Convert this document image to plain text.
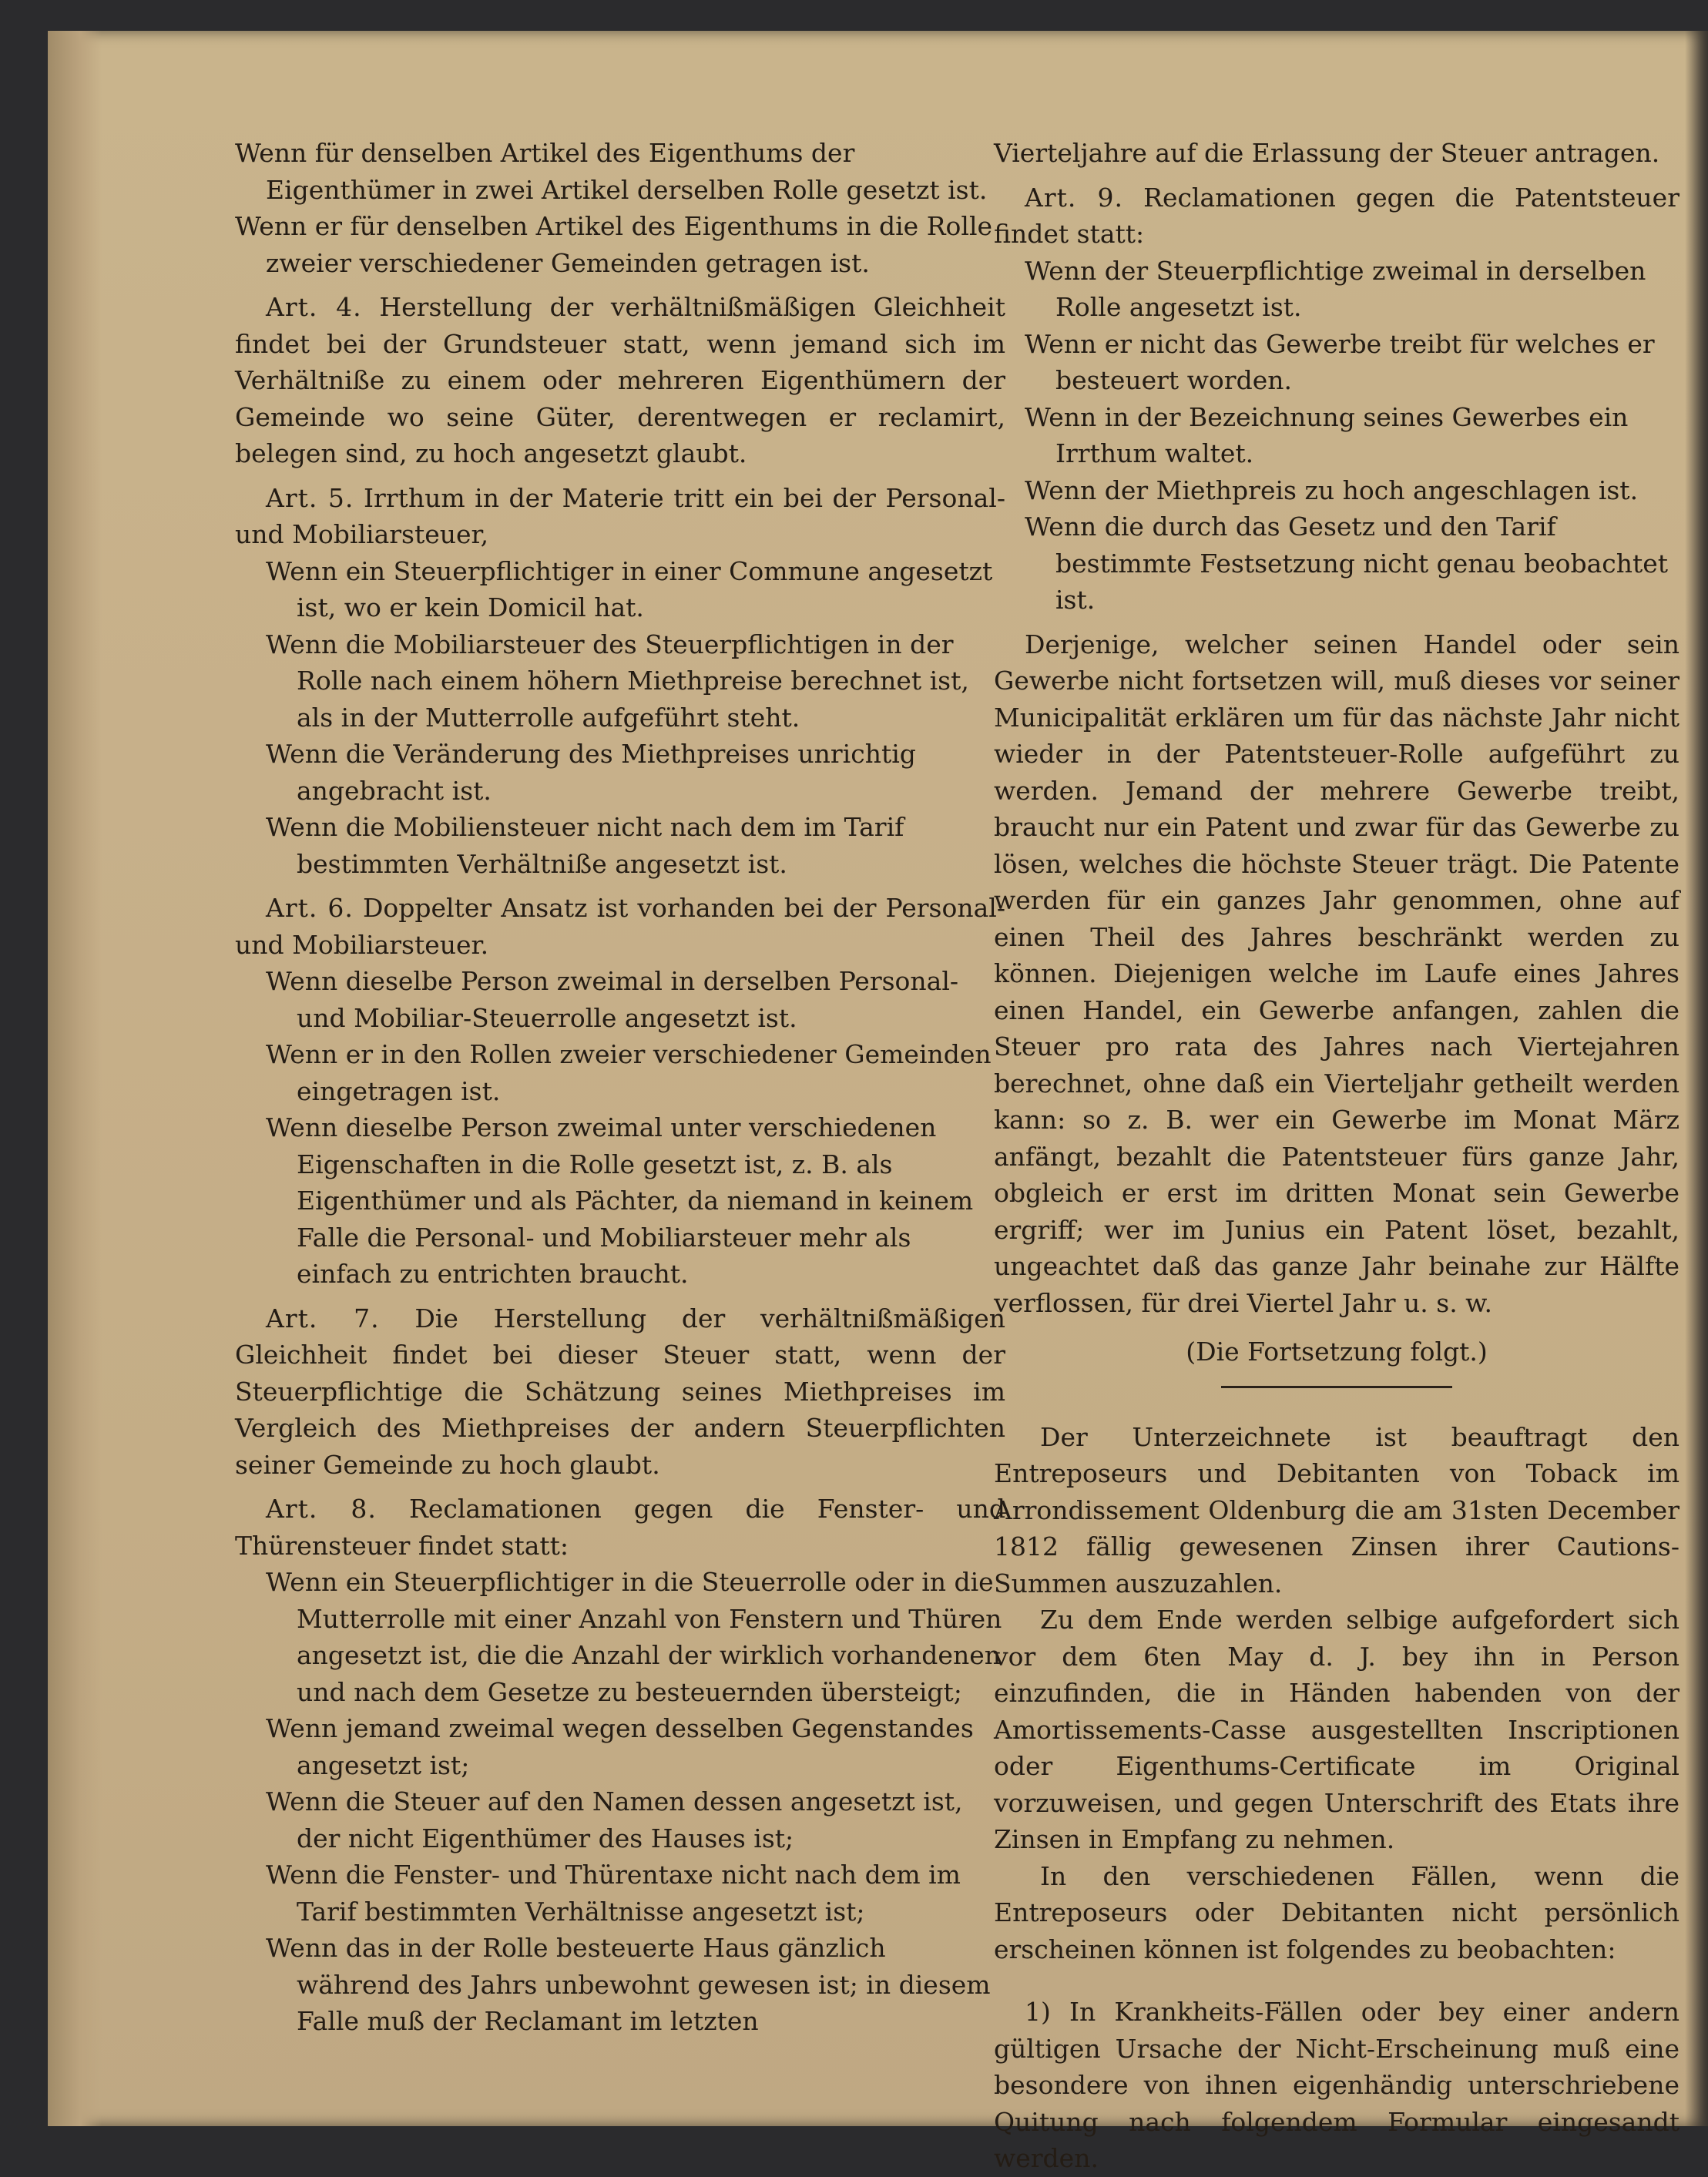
Wenn für denselben Artikel des Eigenthums der Eigenthümer in zwei Artikel derselben Rolle gesetzt ist.

Wenn er für denselben Artikel des Eigenthums in die Rolle zweier verschiedener Gemeinden getragen ist.

Art. 4. Herstellung der verhältnißmäßigen Gleichheit findet bei der Grundsteuer statt, wenn jemand sich im Verhältniße zu einem oder mehreren Eigenthümern der Gemeinde wo seine Güter, derentwegen er reclamirt, belegen sind, zu hoch angesetzt glaubt.

Art. 5. Irrthum in der Materie tritt ein bei der Personal- und Mobiliarsteuer,

Wenn ein Steuerpflichtiger in einer Commune angesetzt ist, wo er kein Domicil hat.

Wenn die Mobiliarsteuer des Steuerpflichtigen in der Rolle nach einem höhern Miethpreise berechnet ist, als in der Mutterrolle aufgeführt steht.

Wenn die Veränderung des Miethpreises unrichtig angebracht ist.

Wenn die Mobiliensteuer nicht nach dem im Tarif bestimmten Verhältniße angesetzt ist.

Art. 6. Doppelter Ansatz ist vorhanden bei der Personal- und Mobiliarsteuer.

Wenn dieselbe Person zweimal in derselben Personal- und Mobiliar-Steuerrolle angesetzt ist.

Wenn er in den Rollen zweier verschiedener Gemeinden eingetragen ist.

Wenn dieselbe Person zweimal unter verschiedenen Eigenschaften in die Rolle gesetzt ist, z. B. als Eigenthümer und als Pächter, da niemand in keinem Falle die Personal- und Mobiliarsteuer mehr als einfach zu entrichten braucht.

Art. 7. Die Herstellung der verhältnißmäßigen Gleichheit findet bei dieser Steuer statt, wenn der Steuerpflichtige die Schätzung seines Miethpreises im Vergleich des Miethpreises der andern Steuerpflichten seiner Gemeinde zu hoch glaubt.

Art. 8. Reclamationen gegen die Fenster- und Thürensteuer findet statt:

Wenn ein Steuerpflichtiger in die Steuerrolle oder in die Mutterrolle mit einer Anzahl von Fenstern und Thüren angesetzt ist, die die Anzahl der wirklich vorhandenen und nach dem Gesetze zu besteuernden übersteigt;

Wenn jemand zweimal wegen desselben Gegenstandes angesetzt ist;

Wenn die Steuer auf den Namen dessen angesetzt ist, der nicht Eigenthümer des Hauses ist;

Wenn die Fenster- und Thürentaxe nicht nach dem im Tarif bestimmten Verhältnisse angesetzt ist;

Wenn das in der Rolle besteuerte Haus gänzlich während des Jahrs unbewohnt gewesen ist; in diesem Falle muß der Reclamant im letzten

Vierteljahre auf die Erlassung der Steuer antragen.

Art. 9. Reclamationen gegen die Patentsteuer findet statt:

Wenn der Steuerpflichtige zweimal in derselben Rolle angesetzt ist.

Wenn er nicht das Gewerbe treibt für welches er besteuert worden.

Wenn in der Bezeichnung seines Gewerbes ein Irrthum waltet.

Wenn der Miethpreis zu hoch angeschlagen ist.

Wenn die durch das Gesetz und den Tarif bestimmte Festsetzung nicht genau beobachtet ist.

Derjenige, welcher seinen Handel oder sein Gewerbe nicht fortsetzen will, muß dieses vor seiner Municipalität erklären um für das nächste Jahr nicht wieder in der Patentsteuer-Rolle aufgeführt zu werden. Jemand der mehrere Gewerbe treibt, braucht nur ein Patent und zwar für das Gewerbe zu lösen, welches die höchste Steuer trägt. Die Patente werden für ein ganzes Jahr genommen, ohne auf einen Theil des Jahres beschränkt werden zu können. Diejenigen welche im Laufe eines Jahres einen Handel, ein Gewerbe anfangen, zahlen die Steuer pro rata des Jahres nach Viertejahren berechnet, ohne daß ein Vierteljahr getheilt werden kann: so z. B. wer ein Gewerbe im Monat März anfängt, bezahlt die Patentsteuer fürs ganze Jahr, obgleich er erst im dritten Monat sein Gewerbe ergriff; wer im Junius ein Patent löset, bezahlt, ungeachtet daß das ganze Jahr beinahe zur Hälfte verflossen, für drei Viertel Jahr u. s. w.

(Die Fortsetzung folgt.)

Der Unterzeichnete ist beauftragt den Entreposeurs und Debitanten von Toback im Arrondissement Oldenburg die am 31sten December 1812 fällig gewesenen Zinsen ihrer Cautions-Summen auszuzahlen.

Zu dem Ende werden selbige aufgefordert sich vor dem 6ten May d. J. bey ihn in Person einzufinden, die in Händen habenden von der Amortissements-Casse ausgestellten Inscriptionen oder Eigenthums-Certificate im Original vorzuweisen, und gegen Unterschrift des Etats ihre Zinsen in Empfang zu nehmen.

In den verschiedenen Fällen, wenn die Entreposeurs oder Debitanten nicht persönlich erscheinen können ist folgendes zu beobachten:

1) In Krankheits-Fällen oder bey einer andern gültigen Ursache der Nicht-Erscheinung muß eine besondere von ihnen eigenhändig unterschriebene Quitung nach folgendem Formular eingesandt werden.
